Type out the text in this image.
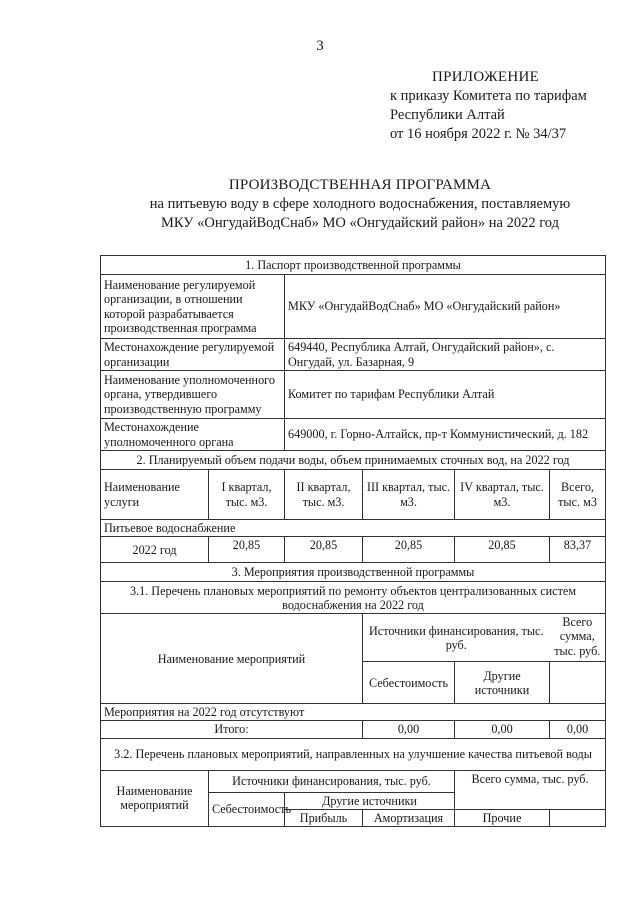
3
ПРИЛОЖЕНИЕ
к приказу Комитета по тарифам
Республики Алтай
от 16 ноября 2022 г. № 34/37
ПРОИЗВОДСТВЕННАЯ ПРОГРАММА
на питьевую воду в сфере холодного водоснабжения, поставляемую
МКУ «ОнгудайВодСнаб» МО «Онгудайский район» на 2022 год
1. Паспорт производственной программы					
Наименование регулируемой организации, в отношении которой разрабатывается производственная программа		МКУ «ОнгудайВодСнаб» МО «Онгудайский район»			
Местонахождение регулируемой организации		649440, Республика Алтай, Онгудайский район», с. Онгудай, ул. Базарная, 9			
Наименование уполномоченного органа, утвердившего производственную программу		Комитет по тарифам Республики Алтай			
Местонахождение уполномоченного органа		649000, г. Горно-Алтайск, пр-т Коммунистический, д. 182			
2. Планируемый объем подачи воды, объем принимаемых сточных вод, на 2022 год					
Наименование услуги	I квартал, тыс. м3.	II квартал, тыс. м3.	III квартал, тыс. м3.	IV квартал, тыс. м3.	Всего, тыс. м3
Питьевое водоснабжение					
2022 год	20,85	20,85	20,85	20,85	83,37
3. Мероприятия производственной программы					
3.1. Перечень плановых мероприятий по ремонту объектов централизованных систем водоснабжения на 2022 год					
Наименование мероприятий			Источники финансирования, тыс. руб.		Всего сумма, тыс. руб.
			Себестоимость	Другие источники	
Мероприятия на 2022 год отсутствуют					
Итого:			0,00	0,00	0,00
3.2. Перечень плановых мероприятий, направленных на улучшение качества питьевой воды					
Наименование мероприятий	Источники финансирования, тыс. руб.			Всего сумма, тыс. руб.	
	Себестоимость	Другие источники			
		Прибыль	Амортизация	Прочие	
